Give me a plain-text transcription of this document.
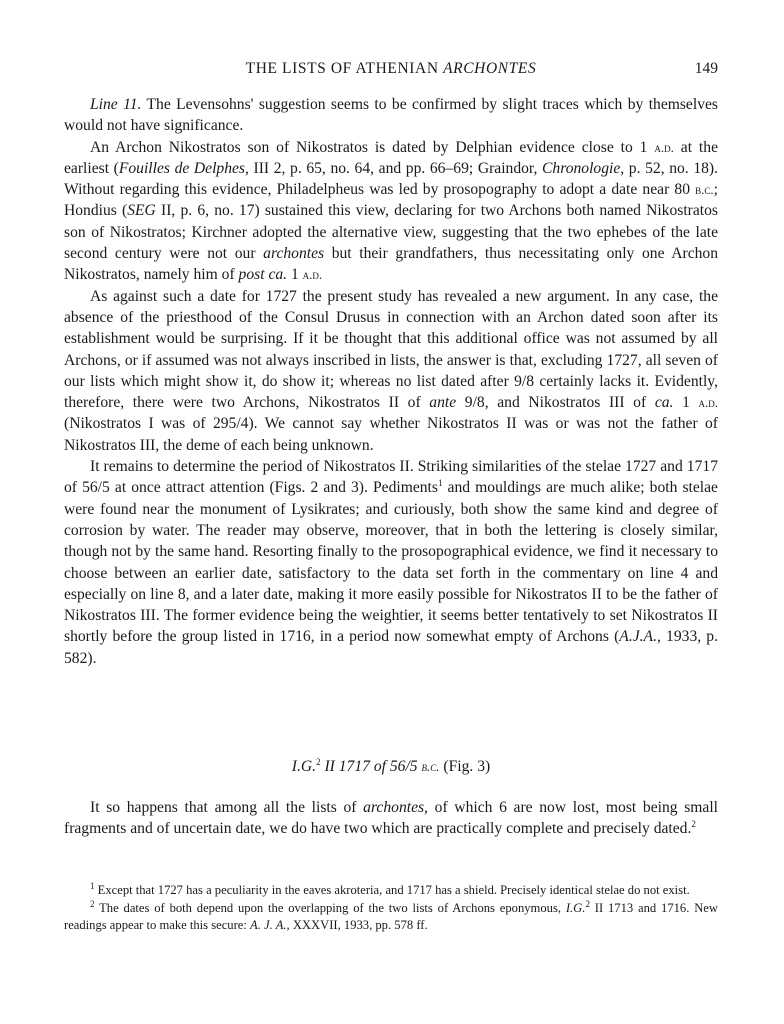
THE LISTS OF ATHENIAN ARCHONTES	149

Line 11. The Levensohns' suggestion seems to be confirmed by slight traces which by themselves would not have significance.

An Archon Nikostratos son of Nikostratos is dated by Delphian evidence close to 1 a.d. at the earliest (Fouilles de Delphes, III 2, p. 65, no. 64, and pp. 66–69; Graindor, Chronologie, p. 52, no. 18). Without regarding this evidence, Philadelpheus was led by prosopography to adopt a date near 80 b.c.; Hondius (SEG II, p. 6, no. 17) sustained this view, declaring for two Archons both named Nikostratos son of Nikostratos; Kirchner adopted the alternative view, suggesting that the two ephebes of the late second century were not our archontes but their grandfathers, thus necessitating only one Archon Nikostratos, namely him of post ca. 1 a.d.

As against such a date for 1727 the present study has revealed a new argument. In any case, the absence of the priesthood of the Consul Drusus in connection with an Archon dated soon after its establishment would be surprising. If it be thought that this additional office was not assumed by all Archons, or if assumed was not always inscribed in lists, the answer is that, excluding 1727, all seven of our lists which might show it, do show it; whereas no list dated after 9/8 certainly lacks it. Evidently, therefore, there were two Archons, Nikostratos II of ante 9/8, and Nikostratos III of ca. 1 a.d. (Nikostratos I was of 295/4). We cannot say whether Nikostratos II was or was not the father of Nikostratos III, the deme of each being unknown.

It remains to determine the period of Nikostratos II. Striking similarities of the stelae 1727 and 1717 of 56/5 at once attract attention (Figs. 2 and 3). Pediments$^1$ and mouldings are much alike; both stelae were found near the monument of Lysikrates; and curiously, both show the same kind and degree of corrosion by water. The reader may observe, moreover, that in both the lettering is closely similar, though not by the same hand. Resorting finally to the prosopographical evidence, we find it necessary to choose between an earlier date, satisfactory to the data set forth in the commentary on line 4 and especially on line 8, and a later date, making it more easily possible for Nikostratos II to be the father of Nikostratos III. The former evidence being the weightier, it seems better tentatively to set Nikostratos II shortly before the group listed in 1716, in a period now somewhat empty of Archons (A.J.A., 1933, p. 582).

I.G.$^2$ II 1717 of 56/5 b.c. (Fig. 3)

It so happens that among all the lists of archontes, of which 6 are now lost, most being small fragments and of uncertain date, we do have two which are practically complete and precisely dated.$^2$

$^1$ Except that 1727 has a peculiarity in the eaves akroteria, and 1717 has a shield. Precisely identical stelae do not exist.

$^2$ The dates of both depend upon the overlapping of the two lists of Archons eponymous, I.G.$^2$ II 1713 and 1716. New readings appear to make this secure: A. J. A., XXXVII, 1933, pp. 578 ff.
